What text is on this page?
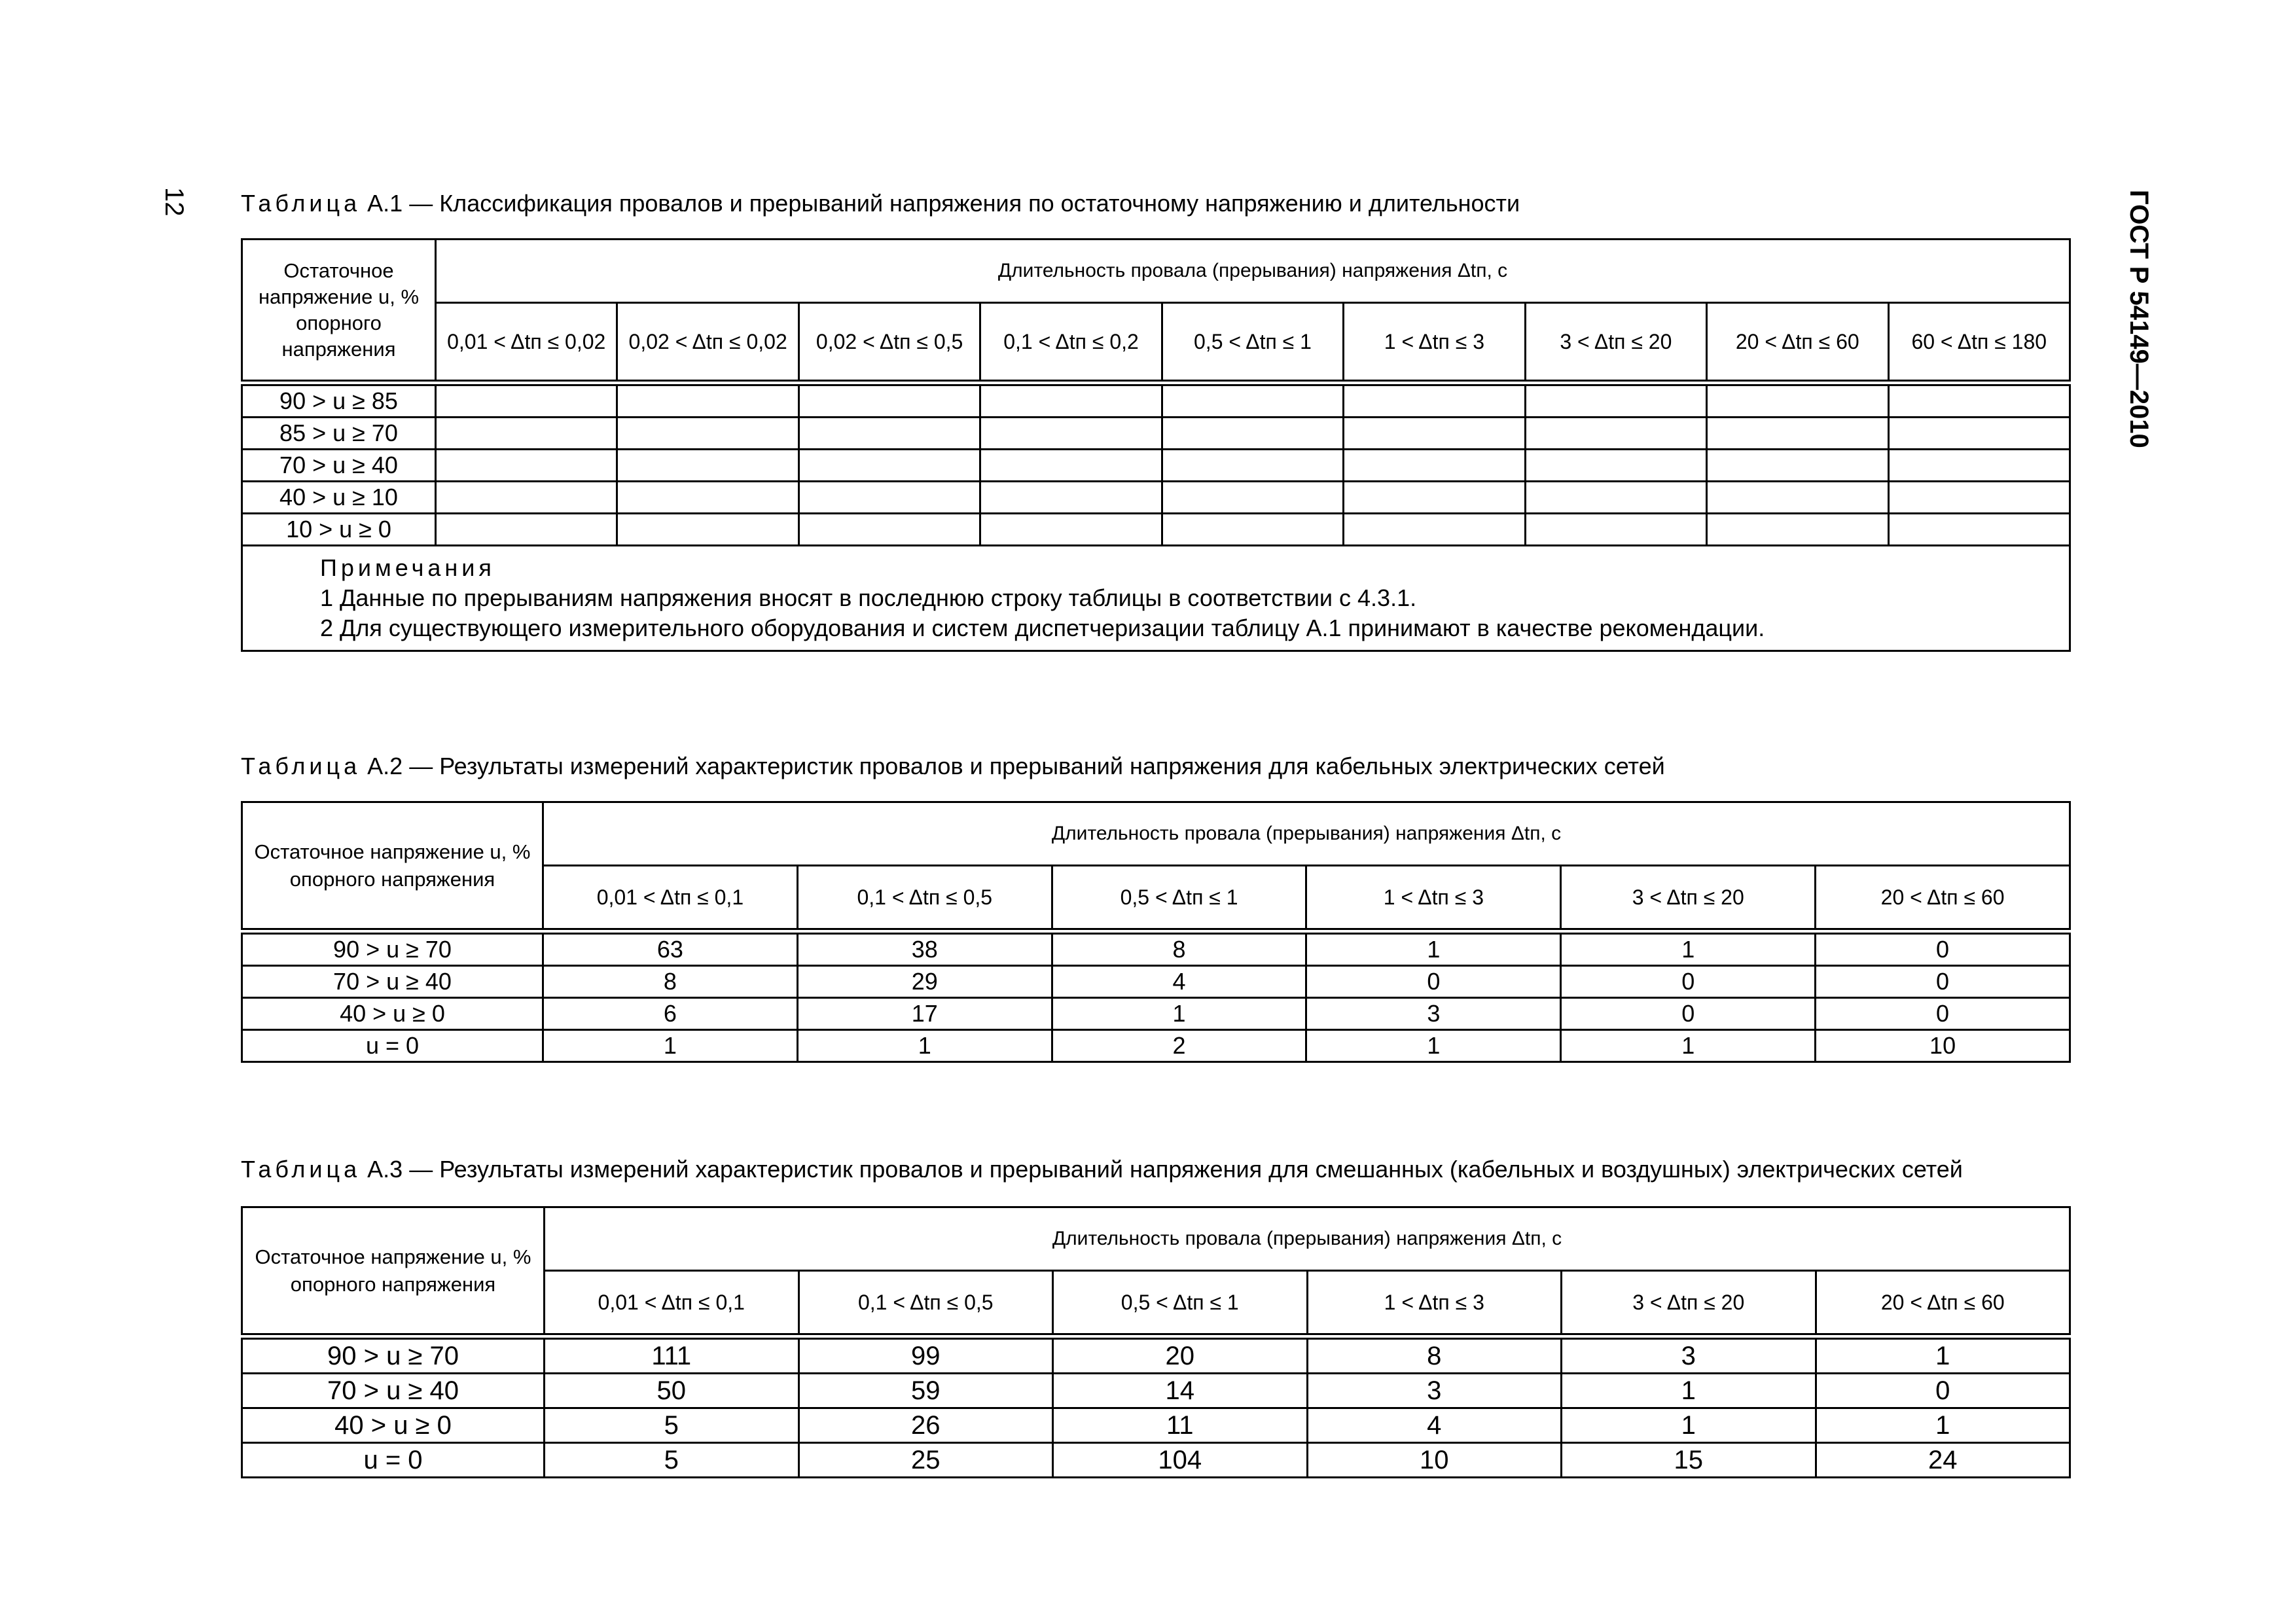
12	ГОСТ Р 54149—2010
Таблица А.1 — Классификация провалов и прерываний напряжения по остаточному напряжению и длительности
Остаточное напряжение u, % опорного напряжения	Длительность провала (прерывания) напряжения Δtп, с								
	0,01 < Δtп ≤ 0,02	0,02 < Δtп ≤ 0,02	0,02 < Δtп ≤ 0,5	0,1 < Δtп ≤ 0,2	0,5 < Δtп ≤ 1	1 < Δtп ≤ 3	3 < Δtп ≤ 20	20 < Δtп ≤ 60	60 < Δtп ≤ 180
90 > u ≥ 85									
85 > u ≥ 70									
70 > u ≥ 40									
40 > u ≥ 10									
10 > u ≥ 0									

Примечания
1 Данные по прерываниям напряжения вносят в последнюю строку таблицы в соответствии с 4.3.1.
2 Для существующего измерительного оборудования и систем диспетчеризации таблицу А.1 принимают в качестве рекомендации.									
Таблица А.2 — Результаты измерений характеристик провалов и прерываний напряжения для кабельных электрических сетей
Остаточное напряжение u, % опорного напряжения	Длительность провала (прерывания) напряжения Δtп, с					
	0,01 < Δtп ≤ 0,1	0,1 < Δtп ≤ 0,5	0,5 < Δtп ≤ 1	1 < Δtп ≤ 3	3 < Δtп ≤ 20	20 < Δtп ≤ 60
90 > u ≥ 70	63	38	8	1	1	0
70 > u ≥ 40	8	29	4	0	0	0
40 > u ≥ 0	6	17	1	3	0	0
u = 0	1	1	2	1	1	10
Таблица А.3 — Результаты измерений характеристик провалов и прерываний напряжения для смешанных (кабельных и воздушных) электрических сетей
Остаточное напряжение u, % опорного напряжения	Длительность провала (прерывания) напряжения Δtп, с					
	0,01 < Δtп ≤ 0,1	0,1 < Δtп ≤ 0,5	0,5 < Δtп ≤ 1	1 < Δtп ≤ 3	3 < Δtп ≤ 20	20 < Δtп ≤ 60
90 > u ≥ 70	111	99	20	8	3	1
70 > u ≥ 40	50	59	14	3	1	0
40 > u ≥ 0	5	26	11	4	1	1
u = 0	5	25	104	10	15	24
